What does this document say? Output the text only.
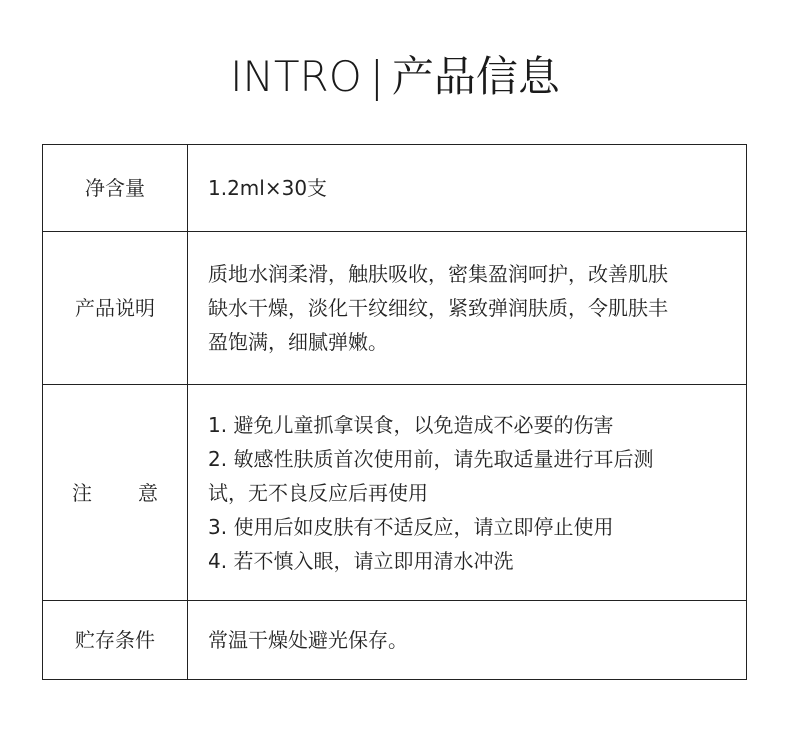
INTRO | 产品信息
净含量	1.2ml×30支

产品说明	质地水润柔滑，触肤吸收，密集盈润呵护，改善肌肤
缺水干燥，淡化干纹细纹，紧致弹润肤质，令肌肤丰
盈饱满，细腻弹嫩。

注意	1. 避免儿童抓拿误食，以免造成不必要的伤害
2. 敏感性肤质首次使用前，请先取适量进行耳后测
试，无不良反应后再使用
3. 使用后如皮肤有不适反应，请立即停止使用
4. 若不慎入眼，请立即用清水冲洗

贮存条件	常温干燥处避光保存。
